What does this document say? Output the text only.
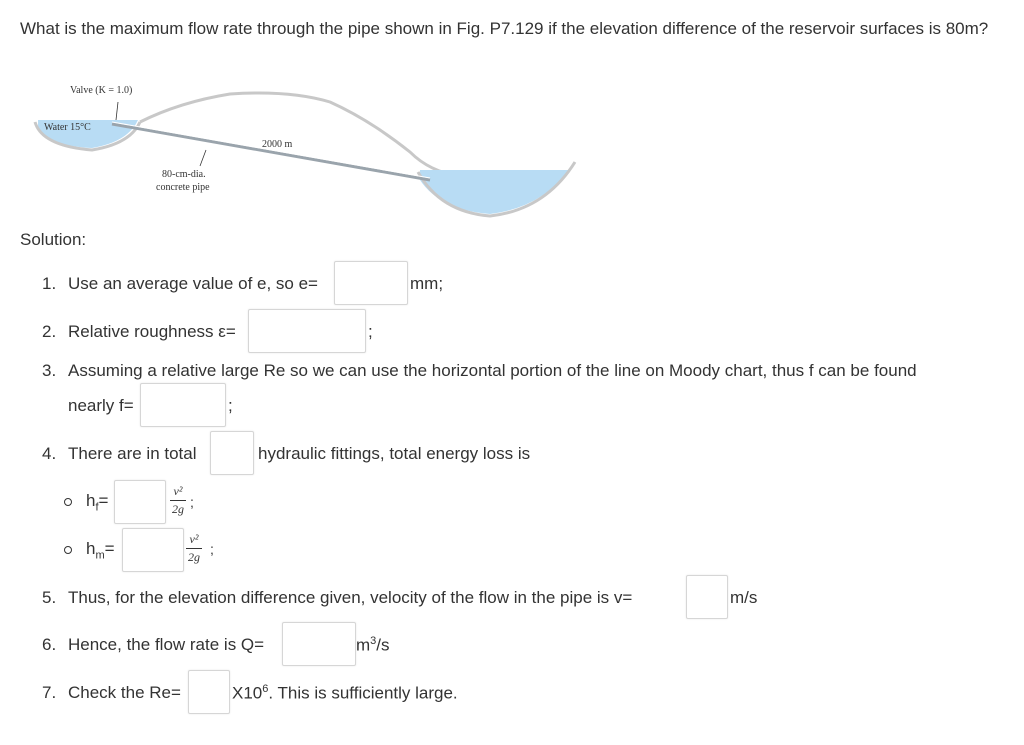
What is the maximum flow rate through the pipe shown in Fig. P7.129 if the elevation difference of the reservoir surfaces is 80m?
Valve (K = 1.0)
Water 15°C
2000 m
80-cm-dia.
concrete pipe
Solution:
1. Use an average value of e, so e=	mm;
2. Relative roughness ε=	;
3. Assuming a relative large Re so we can use the horizontal portion of the line on Moody chart, thus f can be found
nearly f=	;
4. There are in total	hydraulic fittings, total energy loss is
$h_f=$	v²
2g ;
$h_m=$	v²
2g ;
5. Thus, for the elevation difference given, velocity of the flow in the pipe is v=	m/s
6. Hence, the flow rate is Q=	$m^3/s$
7. Check the Re=	$X10^6$. This is sufficiently large.
